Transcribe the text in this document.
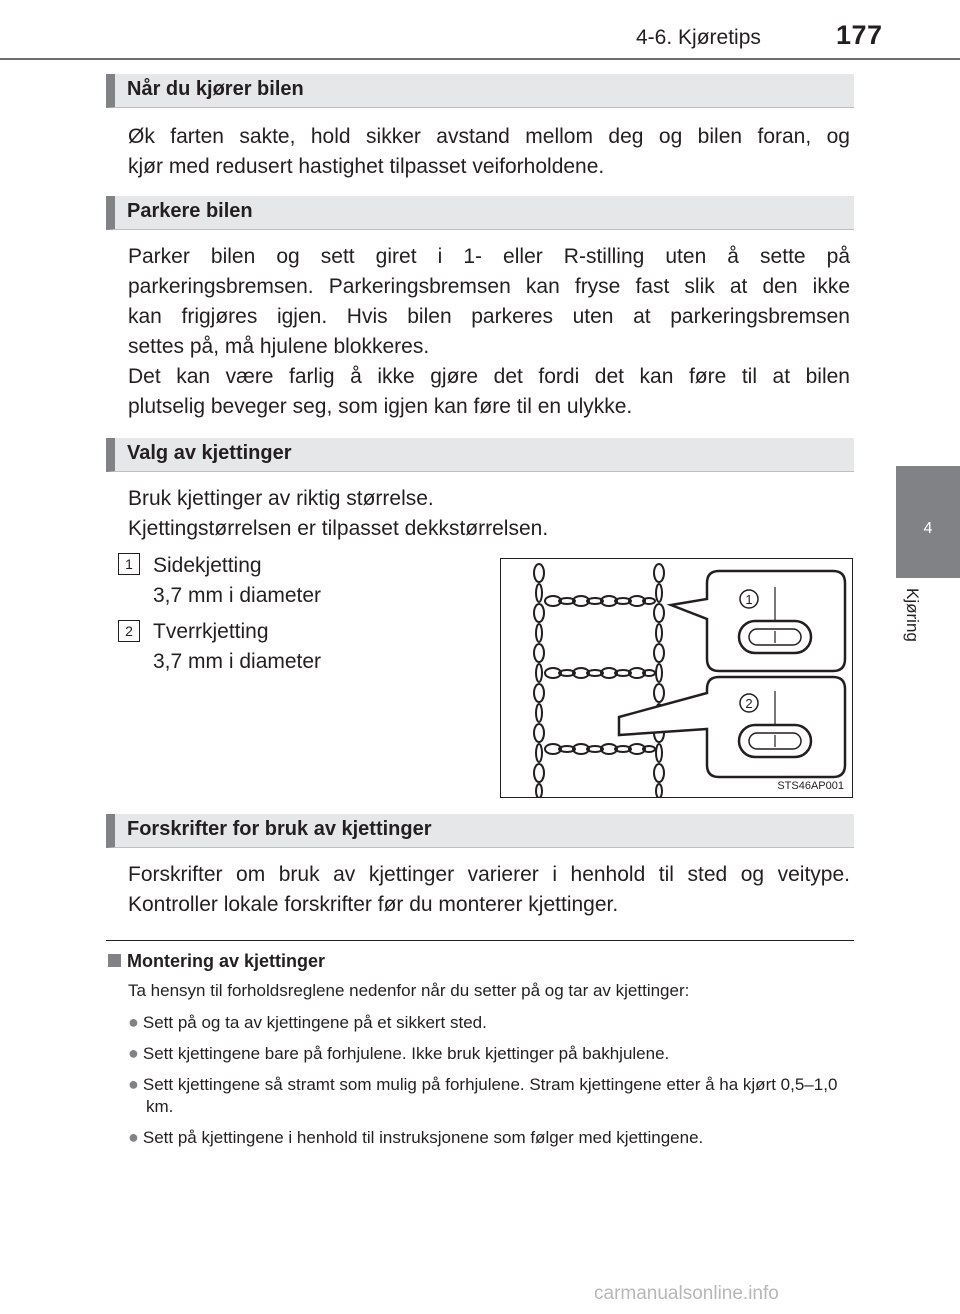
4-6. Kjøretips	177
4
Kjøring
Når du kjører bilen

Øk farten sakte, hold sikker avstand mellom deg og bilen foran, og

kjør med redusert hastighet tilpasset veiforholdene.

Parkere bilen

Parker bilen og sett giret i 1- eller R-stilling uten å sette på

parkeringsbremsen. Parkeringsbremsen kan fryse fast slik at den ikke

kan frigjøres igjen. Hvis bilen parkeres uten at parkeringsbremsen

settes på, må hjulene blokkeres.

Det kan være farlig å ikke gjøre det fordi det kan føre til at bilen

plutselig beveger seg, som igjen kan føre til en ulykke.

Valg av kjettinger

Bruk kjettinger av riktig størrelse.

Kjettingstørrelsen er tilpasset dekkstørrelsen.

1 Sidekjetting
3,7 mm i diameter
2 Tverrkjetting
3,7 mm i diameter
1
2
STS46AP001
Forskrifter for bruk av kjettinger

Forskrifter om bruk av kjettinger varierer i henhold til sted og veitype.

Kontroller lokale forskrifter før du monterer kjettinger.

Montering av kjettinger
Ta hensyn til forholdsreglene nedenfor når du setter på og tar av kjettinger:
● Sett på og ta av kjettingene på et sikkert sted.
● Sett kjettingene bare på forhjulene. Ikke bruk kjettinger på bakhjulene.
● Sett kjettingene så stramt som mulig på forhjulene. Stram kjettingene etter å ha kjørt 0,5–1,0 km.
● Sett på kjettingene i henhold til instruksjonene som følger med kjettingene.
carmanualsonline.info
